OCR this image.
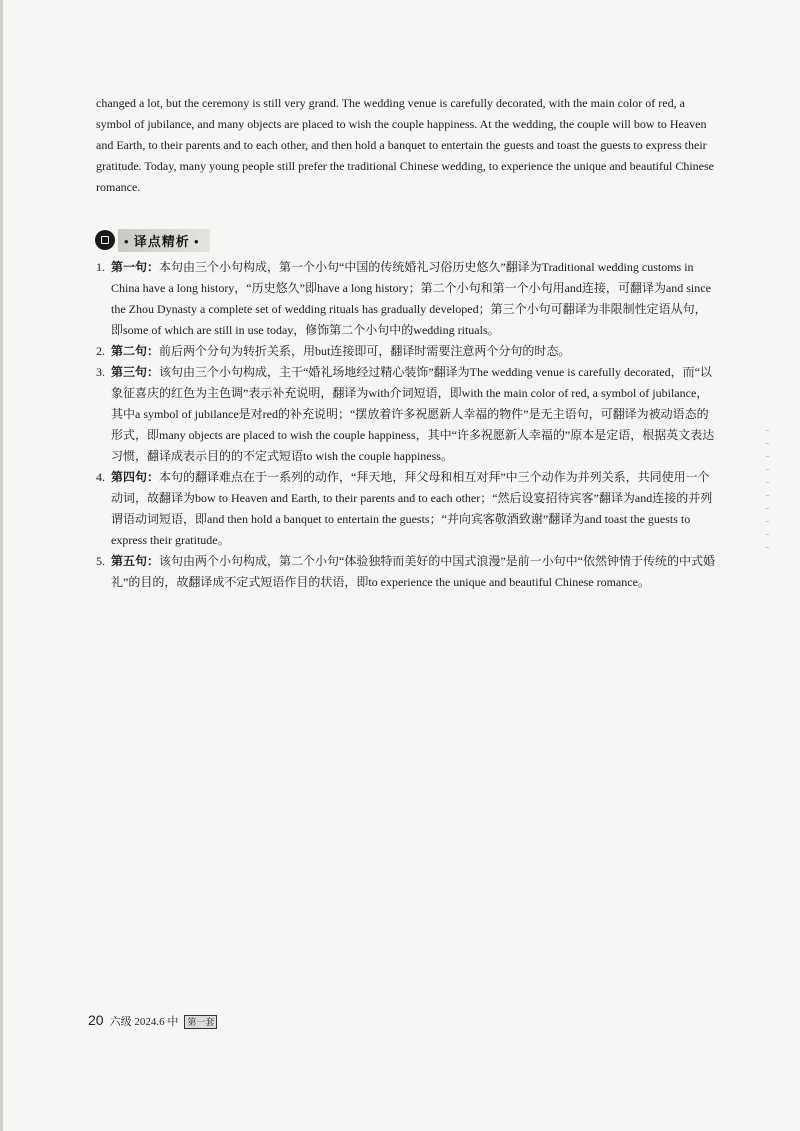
changed a lot, but the ceremony is still very grand. The wedding venue is carefully decorated, with the main color of red, a symbol of jubilance, and many objects are placed to wish the couple happiness. At the wedding, the couple will bow to Heaven and Earth, to their parents and to each other, and then hold a banquet to entertain the guests and toast the guests to express their gratitude. Today, many young people still prefer the traditional Chinese wedding, to experience the unique and beautiful Chinese romance.

• 译点精析 •
1. 第一句：本句由三个小句构成，第一个小句“中国的传统婚礼习俗历史悠久”翻译为Traditional wedding customs in China have a long history，“历史悠久”即have a long history；第二个小句和第一个小句用and连接，可翻译为and since the Zhou Dynasty a complete set of wedding rituals has gradually developed；第三个小句可翻译为非限制性定语从句，即some of which are still in use today，修饰第二个小句中的wedding rituals。
2. 第二句：前后两个分句为转折关系，用but连接即可，翻译时需要注意两个分句的时态。
3. 第三句：该句由三个小句构成，主干“婚礼场地经过精心装饰”翻译为The wedding venue is carefully decorated，而“以象征喜庆的红色为主色调”表示补充说明，翻译为with介词短语，即with the main color of red, a symbol of jubilance，其中a symbol of jubilance是对red的补充说明；“摆放着许多祝愿新人幸福的物件”是无主语句，可翻译为被动语态的形式，即many objects are placed to wish the couple happiness，其中“许多祝愿新人幸福的”原本是定语，根据英文表达习惯，翻译成表示目的的不定式短语to wish the couple happiness。
4. 第四句：本句的翻译难点在于一系列的动作，“拜天地，拜父母和相互对拜”中三个动作为并列关系，共同使用一个动词，故翻译为bow to Heaven and Earth, to their parents and to each other；“然后设宴招待宾客”翻译为and连接的并列谓语动词短语，即and then hold a banquet to entertain the guests；“并向宾客敬酒致谢”翻译为and toast the guests to express their gratitude。
5. 第五句：该句由两个小句构成，第二个小句“体验独特而美好的中国式浪漫”是前一小句中“依然钟情于传统的中式婚礼”的目的，故翻译成不定式短语作目的状语，即to experience the unique and beautiful Chinese romance。
20 六级 2024.6 中	第一套
